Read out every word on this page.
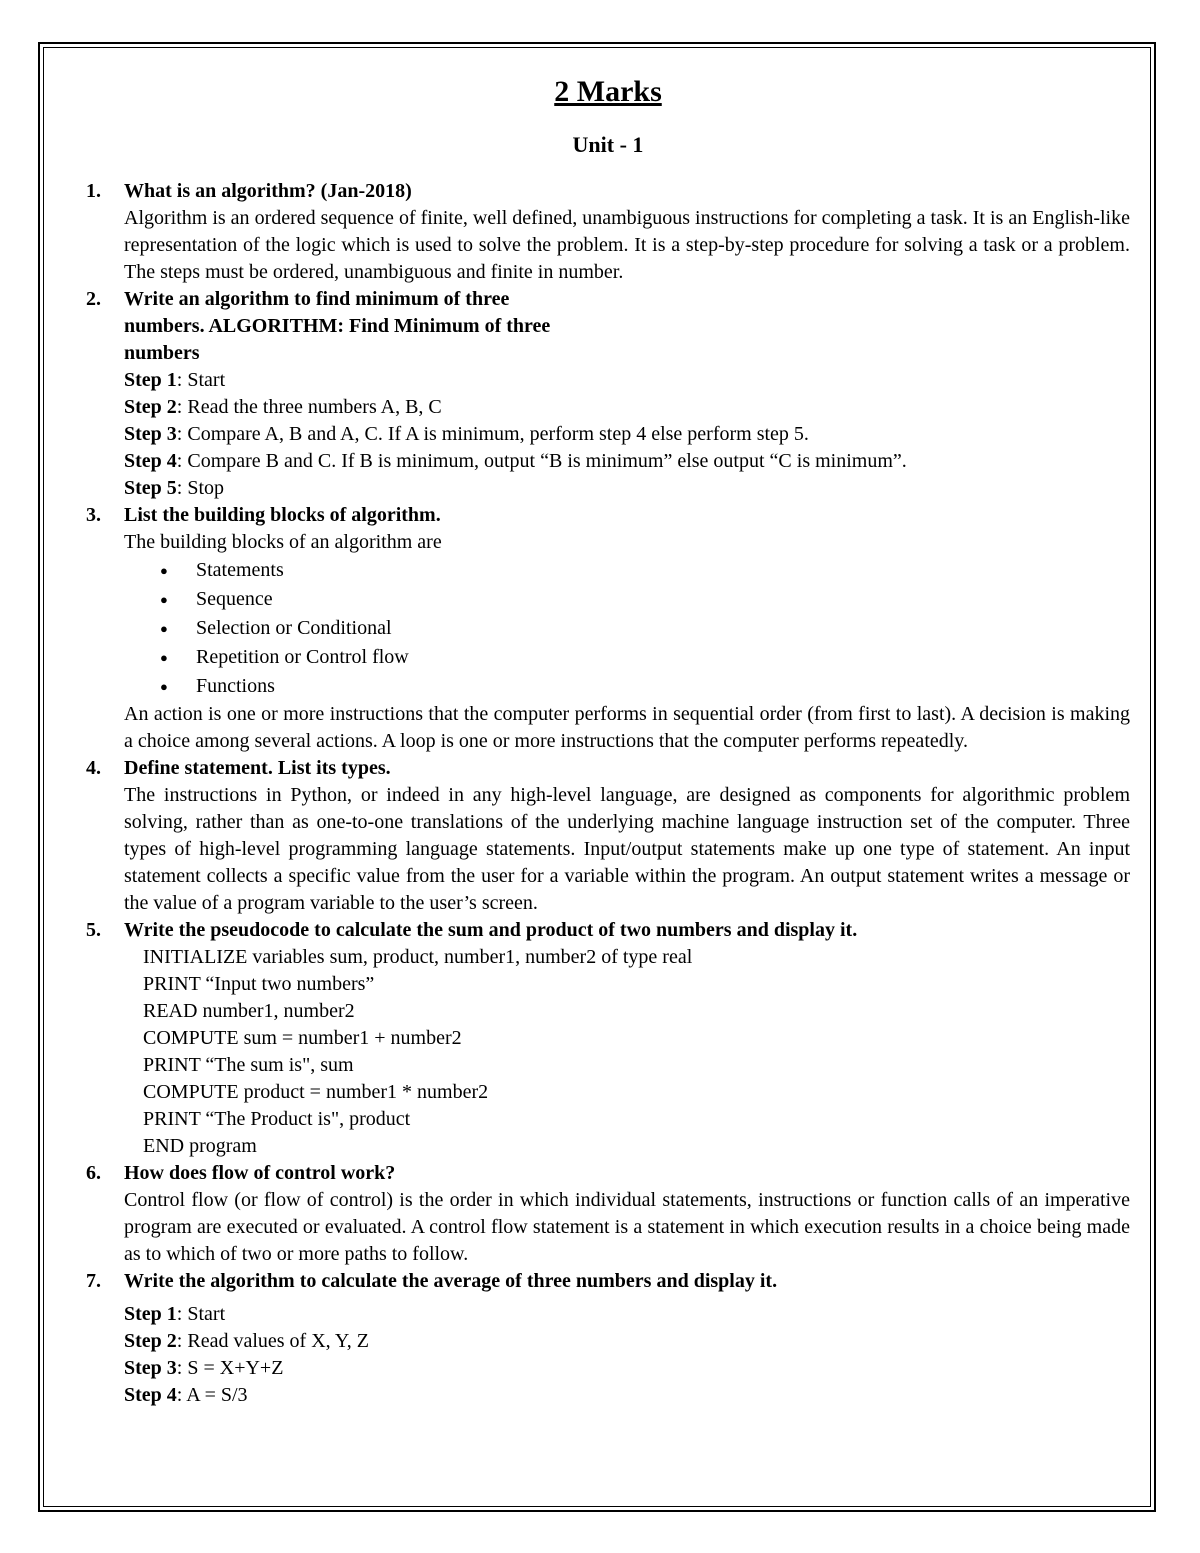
2 Marks
Unit - 1
1. What is an algorithm? (Jan-2018)
Algorithm is an ordered sequence of finite, well defined, unambiguous instructions for completing a task. It is an English-like representation of the logic which is used to solve the problem. It is a step-by-step procedure for solving a task or a problem. The steps must be ordered, unambiguous and finite in number.
2. Write an algorithm to find minimum of three
numbers. ALGORITHM: Find Minimum of three
numbers
Step 1: Start
Step 2: Read the three numbers A, B, C
Step 3: Compare A, B and A, C. If A is minimum, perform step 4 else perform step 5.
Step 4: Compare B and C. If B is minimum, output “B is minimum” else output “C is minimum”.
Step 5: Stop
3. List the building blocks of algorithm.
The building blocks of an algorithm are
● Statements
● Sequence
● Selection or Conditional
● Repetition or Control flow
● Functions
An action is one or more instructions that the computer performs in sequential order (from first to last). A decision is making a choice among several actions. A loop is one or more instructions that the computer performs repeatedly.
4. Define statement. List its types.
The instructions in Python, or indeed in any high-level language, are designed as components for algorithmic problem solving, rather than as one-to-one translations of the underlying machine language instruction set of the computer. Three types of high-level programming language statements. Input/output statements make up one type of statement. An input statement collects a specific value from the user for a variable within the program. An output statement writes a message or the value of a program variable to the user’s screen.
5. Write the pseudocode to calculate the sum and product of two numbers and display it.
INITIALIZE variables sum, product, number1, number2 of type real
PRINT “Input two numbers”
READ number1, number2
COMPUTE sum = number1 + number2
PRINT “The sum is", sum
COMPUTE product = number1 * number2
PRINT “The Product is", product
END program
6. How does flow of control work?
Control flow (or flow of control) is the order in which individual statements, instructions or function calls of an imperative program are executed or evaluated. A control flow statement is a statement in which execution results in a choice being made as to which of two or more paths to follow.
7. Write the algorithm to calculate the average of three numbers and display it.
Step 1: Start
Step 2: Read values of X, Y, Z
Step 3: S = X+Y+Z
Step 4: A = S/3
